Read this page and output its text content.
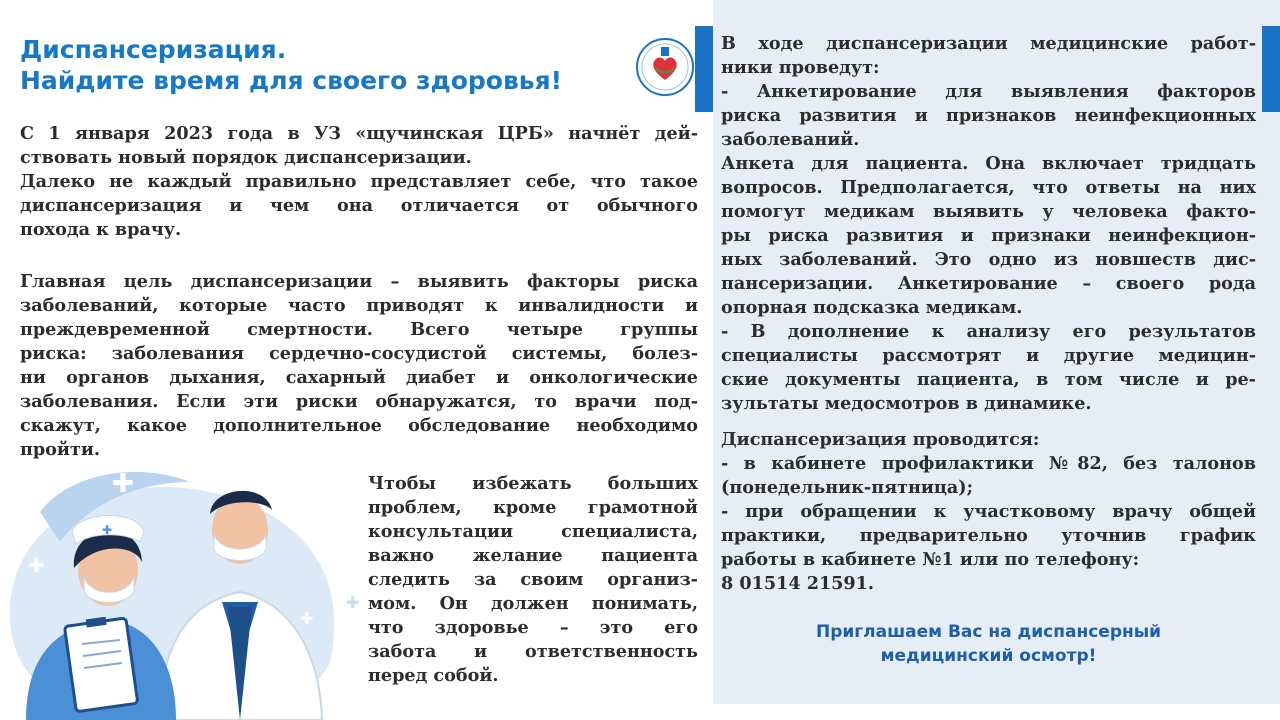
Диспансеризация.
Найдите время для своего здоровья!
С 1 января 2023 года в УЗ «щучинская ЦРБ» начнёт дей-
ствовать новый порядок диспансеризации.
Далеко не каждый правильно представляет себе, что такое
диспансеризация и чем она отличается от обычного
похода к врачу.
Главная цель диспансеризации – выявить факторы риска
заболеваний, которые часто приводят к инвалидности и
преждевременной смертности. Всего четыре группы
риска: заболевания сердечно-сосудистой системы, болез-
ни органов дыхания, сахарный диабет и онкологические
заболевания. Если эти риски обнаружатся, то врачи под-
скажут, какое дополнительное обследование необходимо
пройти.
✚
✚	✚
✚
✚
✚
Чтобы избежать больших
проблем, кроме грамотной
консультации специалиста,
важно желание пациента
следить за своим организ-
мом. Он должен понимать,
что здоровье – это его
забота и ответственность
перед собой.
В ходе диспансеризации медицинские работ-
ники проведут:
- Анкетирование для выявления факторов
риска развития и признаков неинфекционных
заболеваний.
Анкета для пациента. Она включает тридцать
вопросов. Предполагается, что ответы на них
помогут медикам выявить у человека факто-
ры риска развития и признаки неинфекцион-
ных заболеваний. Это одно из новшеств дис-
пансеризации. Анкетирование – своего рода
опорная подсказка медикам.
- В дополнение к анализу его результатов
специалисты рассмотрят и другие медицин-
ские документы пациента, в том числе и ре-
зультаты медосмотров в динамике.
Диспансеризация проводится:
- в кабинете профилактики №82, без талонов
(понедельник-пятница);
- при обращении к участковому врачу общей
практики, предварительно уточнив график
работы в кабинете №1 или по телефону:
8 01514 21591.
Приглашаем Вас на диспансерный
медицинский осмотр!
